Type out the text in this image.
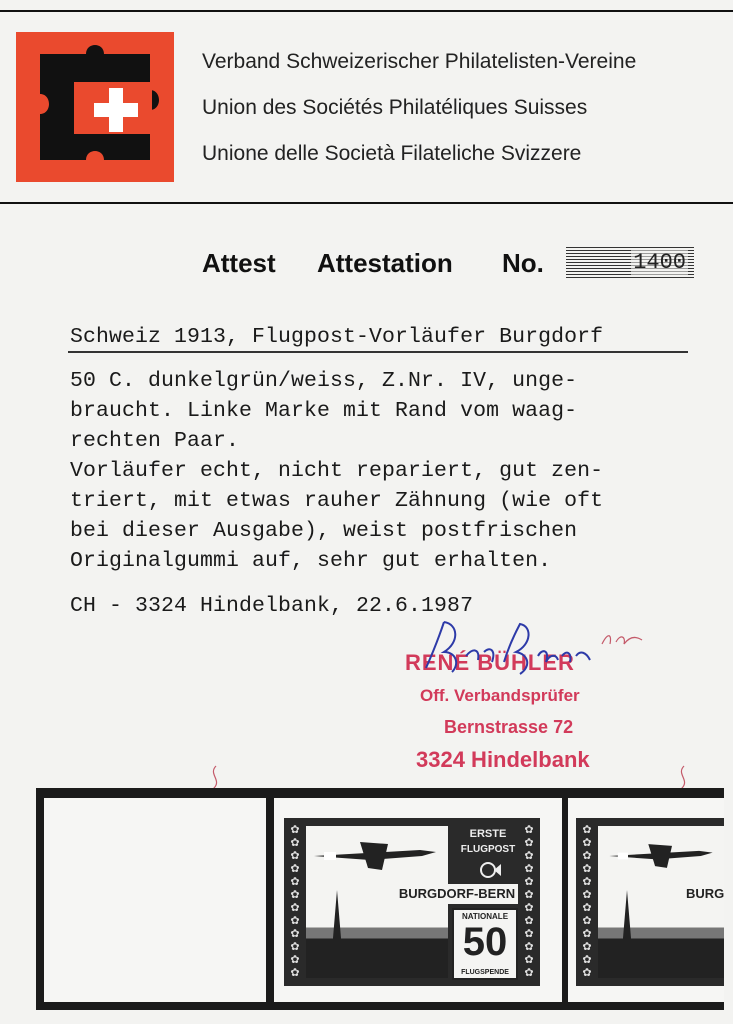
Verband Schweizerischer Philatelisten-Vereine
Union des Sociétés Philatéliques Suisses
Unione delle Società Filateliche Svizzere
Attest Attestation No.	1400
Schweiz 1913, Flugpost-Vorläufer Burgdorf
50 C. dunkelgrün/weiss, Z.Nr. IV, unge-
braucht. Linke Marke mit Rand vom waag-
rechten Paar.
Vorläufer echt, nicht repariert, gut zen-
triert, mit etwas rauher Zähnung (wie oft
bei dieser Ausgabe), weist postfrischen
Originalgummi auf, sehr gut erhalten.
CH - 3324 Hindelbank, 22.6.1987
RENÉ BÜHLER
Off. Verbandsprüfer
Bernstrasse 72
3324 Hindelbank
✿
✿
✿
✿
✿
✿
✿
✿
✿
✿
✿
✿
✿
✿
✿
✿
✿
✿
✿
✿
✿
✿
✿
✿
ERSTE
FLUGPOST
BURGDORF-BERN
NATIONALE
50
FLUGSPENDE
✿
✿
✿
✿
✿
✿
✿
✿
✿
✿
✿
✿
BURG
